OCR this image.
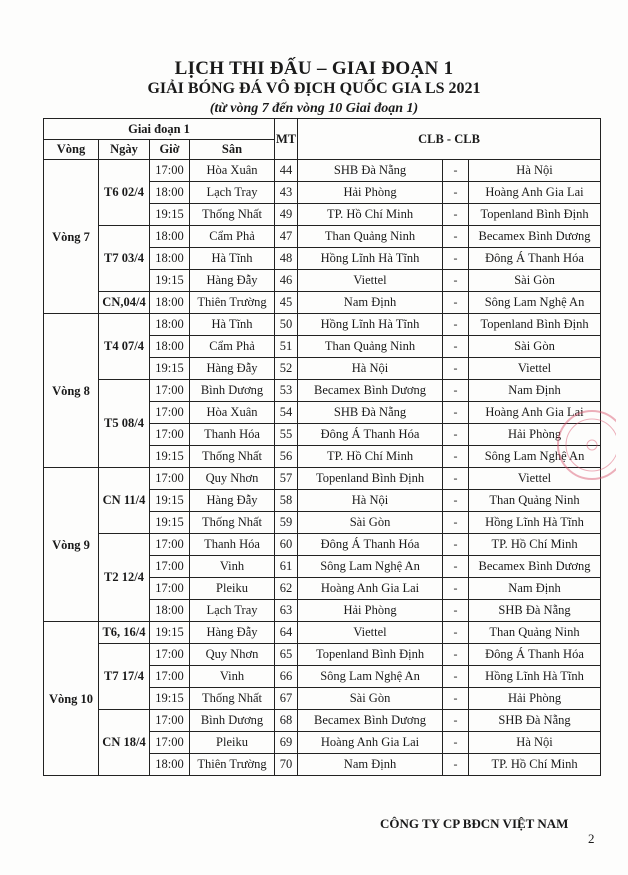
LỊCH THI ĐẤU – GIAI ĐOẠN 1
GIẢI BÓNG ĐÁ VÔ ĐỊCH QUỐC GIA LS 2021
(từ vòng 7 đến vòng 10 Giai đoạn 1)
Giai đoạn 1				MT	CLB - CLB		
Vòng	Ngày	Giờ	Sân				
Vòng 7	T6 02/4	17:00	Hòa Xuân	44	SHB Đà Nẵng	-	Hà Nội
		18:00	Lạch Tray	43	Hải Phòng	-	Hoàng Anh Gia Lai
		19:15	Thống Nhất	49	TP. Hồ Chí Minh	-	Topenland Bình Định
	T7 03/4	18:00	Cẩm Phả	47	Than Quảng Ninh	-	Becamex Bình Dương
		18:00	Hà Tĩnh	48	Hồng Lĩnh Hà Tĩnh	-	Đông Á Thanh Hóa
		19:15	Hàng Đẫy	46	Viettel	-	Sài Gòn
	CN,04/4	18:00	Thiên Trường	45	Nam Định	-	Sông Lam Nghệ An
Vòng 8	T4 07/4	18:00	Hà Tĩnh	50	Hồng Lĩnh Hà Tĩnh	-	Topenland Bình Định
		18:00	Cẩm Phả	51	Than Quảng Ninh	-	Sài Gòn
		19:15	Hàng Đẫy	52	Hà Nội	-	Viettel
	T5 08/4	17:00	Bình Dương	53	Becamex Bình Dương	-	Nam Định
		17:00	Hòa Xuân	54	SHB Đà Nẵng	-	Hoàng Anh Gia Lai
		17:00	Thanh Hóa	55	Đông Á Thanh Hóa	-	Hải Phòng
		19:15	Thống Nhất	56	TP. Hồ Chí Minh	-	Sông Lam Nghệ An
Vòng 9	CN 11/4	17:00	Quy Nhơn	57	Topenland Bình Định	-	Viettel
		19:15	Hàng Đẫy	58	Hà Nội	-	Than Quảng Ninh
		19:15	Thống Nhất	59	Sài Gòn	-	Hồng Lĩnh Hà Tĩnh
	T2 12/4	17:00	Thanh Hóa	60	Đông Á Thanh Hóa	-	TP. Hồ Chí Minh
		17:00	Vinh	61	Sông Lam Nghệ An	-	Becamex Bình Dương
		17:00	Pleiku	62	Hoàng Anh Gia Lai	-	Nam Định
		18:00	Lạch Tray	63	Hải Phòng	-	SHB Đà Nẵng
Vòng 10	T6, 16/4	19:15	Hàng Đẫy	64	Viettel	-	Than Quảng Ninh
	T7 17/4	17:00	Quy Nhơn	65	Topenland Bình Định	-	Đông Á Thanh Hóa
		17:00	Vinh	66	Sông Lam Nghệ An	-	Hồng Lĩnh Hà Tĩnh
		19:15	Thống Nhất	67	Sài Gòn	-	Hải Phòng
	CN 18/4	17:00	Bình Dương	68	Becamex Bình Dương	-	SHB Đà Nẵng
		17:00	Pleiku	69	Hoàng Anh Gia Lai	-	Hà Nội
		18:00	Thiên Trường	70	Nam Định	-	TP. Hồ Chí Minh
CÔNG TY CP BĐCN VIỆT NAM
2
